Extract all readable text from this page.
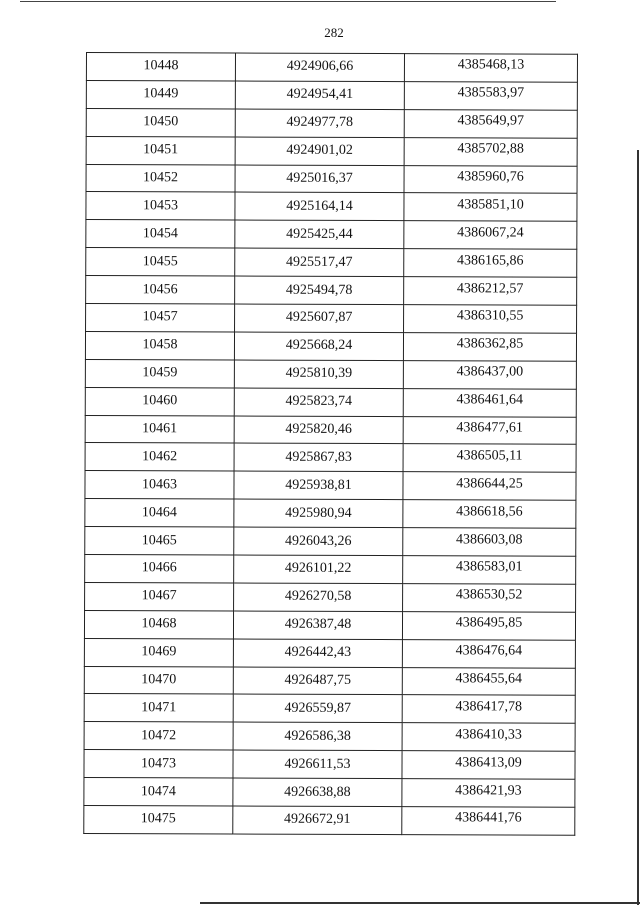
282
10448	4924906,66	4385468,13
10449	4924954,41	4385583,97
10450	4924977,78	4385649,97
10451	4924901,02	4385702,88
10452	4925016,37	4385960,76
10453	4925164,14	4385851,10
10454	4925425,44	4386067,24
10455	4925517,47	4386165,86
10456	4925494,78	4386212,57
10457	4925607,87	4386310,55
10458	4925668,24	4386362,85
10459	4925810,39	4386437,00
10460	4925823,74	4386461,64
10461	4925820,46	4386477,61
10462	4925867,83	4386505,11
10463	4925938,81	4386644,25
10464	4925980,94	4386618,56
10465	4926043,26	4386603,08
10466	4926101,22	4386583,01
10467	4926270,58	4386530,52
10468	4926387,48	4386495,85
10469	4926442,43	4386476,64
10470	4926487,75	4386455,64
10471	4926559,87	4386417,78
10472	4926586,38	4386410,33
10473	4926611,53	4386413,09
10474	4926638,88	4386421,93
10475	4926672,91	4386441,76
